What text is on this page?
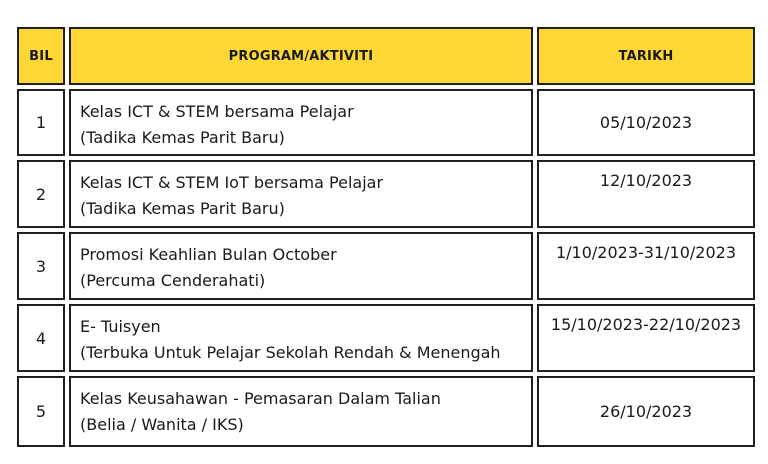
BIL	PROGRAM/AKTIVITI	TARIKH
1
Kelas ICT & STEM bersama Pelajar
(Tadika Kemas Parit Baru)
05/10/2023
2
Kelas ICT & STEM IoT bersama Pelajar
(Tadika Kemas Parit Baru)
12/10/2023
3
Promosi Keahlian Bulan October
(Percuma Cenderahati)
1/10/2023-31/10/2023
4
E- Tuisyen
(Terbuka Untuk Pelajar Sekolah Rendah & Menengah
15/10/2023-22/10/2023
5
Kelas Keusahawan - Pemasaran Dalam Talian
(Belia / Wanita / IKS)
26/10/2023
